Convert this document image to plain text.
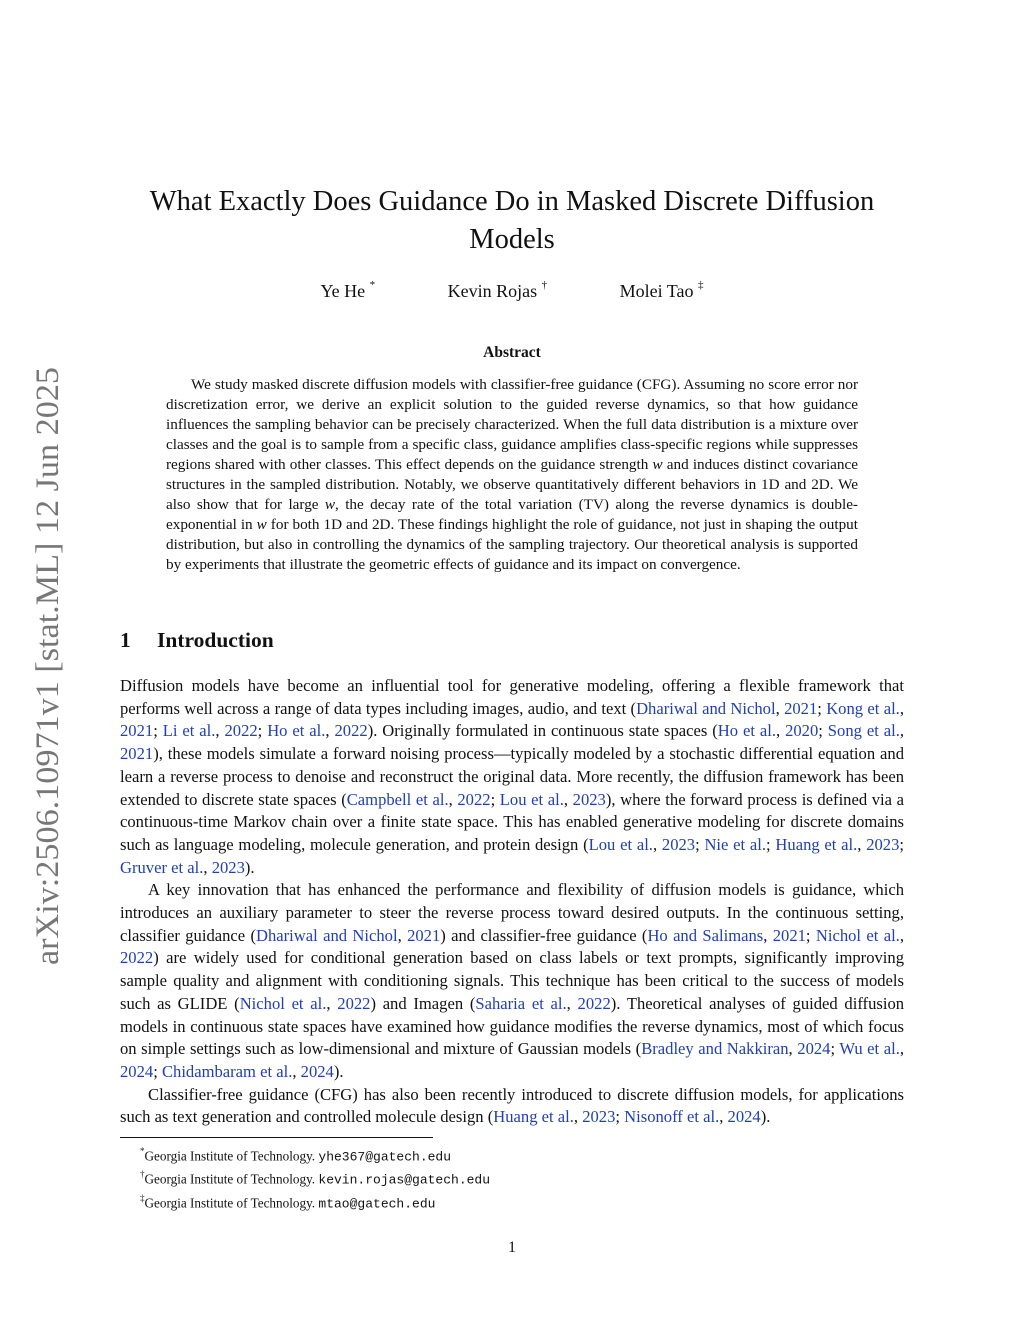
arXiv:2506.10971v1 [stat.ML] 12 Jun 2025
What Exactly Does Guidance Do in Masked Discrete Diffusion Models
Ye He *	Kevin Rojas †	Molei Tao ‡
Abstract

We study masked discrete diffusion models with classifier-free guidance (CFG). Assuming no score error nor discretization error, we derive an explicit solution to the guided reverse dynamics, so that how guidance influences the sampling behavior can be precisely characterized. When the full data distribution is a mixture over classes and the goal is to sample from a specific class, guidance amplifies class-specific regions while suppresses regions shared with other classes. This effect depends on the guidance strength w and induces distinct covariance structures in the sampled distribution. Notably, we observe quantitatively different behaviors in 1D and 2D. We also show that for large w, the decay rate of the total variation (TV) along the reverse dynamics is double-exponential in w for both 1D and 2D. These findings highlight the role of guidance, not just in shaping the output distribution, but also in controlling the dynamics of the sampling trajectory. Our theoretical analysis is supported by experiments that illustrate the geometric effects of guidance and its impact on convergence.

1 Introduction

Diffusion models have become an influential tool for generative modeling, offering a flexible framework that performs well across a range of data types including images, audio, and text (Dhariwal and Nichol, 2021; Kong et al., 2021; Li et al., 2022; Ho et al., 2022). Originally formulated in continuous state spaces (Ho et al., 2020; Song et al., 2021), these models simulate a forward noising process—typically modeled by a stochastic differential equation and learn a reverse process to denoise and reconstruct the original data. More recently, the diffusion framework has been extended to discrete state spaces (Campbell et al., 2022; Lou et al., 2023), where the forward process is defined via a continuous-time Markov chain over a finite state space. This has enabled generative modeling for discrete domains such as language modeling, molecule generation, and protein design (Lou et al., 2023; Nie et al.; Huang et al., 2023; Gruver et al., 2023).

A key innovation that has enhanced the performance and flexibility of diffusion models is guidance, which introduces an auxiliary parameter to steer the reverse process toward desired outputs. In the continuous setting, classifier guidance (Dhariwal and Nichol, 2021) and classifier-free guidance (Ho and Salimans, 2021; Nichol et al., 2022) are widely used for conditional generation based on class labels or text prompts, significantly improving sample quality and alignment with conditioning signals. This technique has been critical to the success of models such as GLIDE (Nichol et al., 2022) and Imagen (Saharia et al., 2022). Theoretical analyses of guided diffusion models in continuous state spaces have examined how guidance modifies the reverse dynamics, most of which focus on simple settings such as low-dimensional and mixture of Gaussian models (Bradley and Nakkiran, 2024; Wu et al., 2024; Chidambaram et al., 2024).

Classifier-free guidance (CFG) has also been recently introduced to discrete diffusion models, for applications such as text generation and controlled molecule design (Huang et al., 2023; Nisonoff et al., 2024).

*Georgia Institute of Technology. yhe367@gatech.edu
†Georgia Institute of Technology. kevin.rojas@gatech.edu
‡Georgia Institute of Technology. mtao@gatech.edu
1
